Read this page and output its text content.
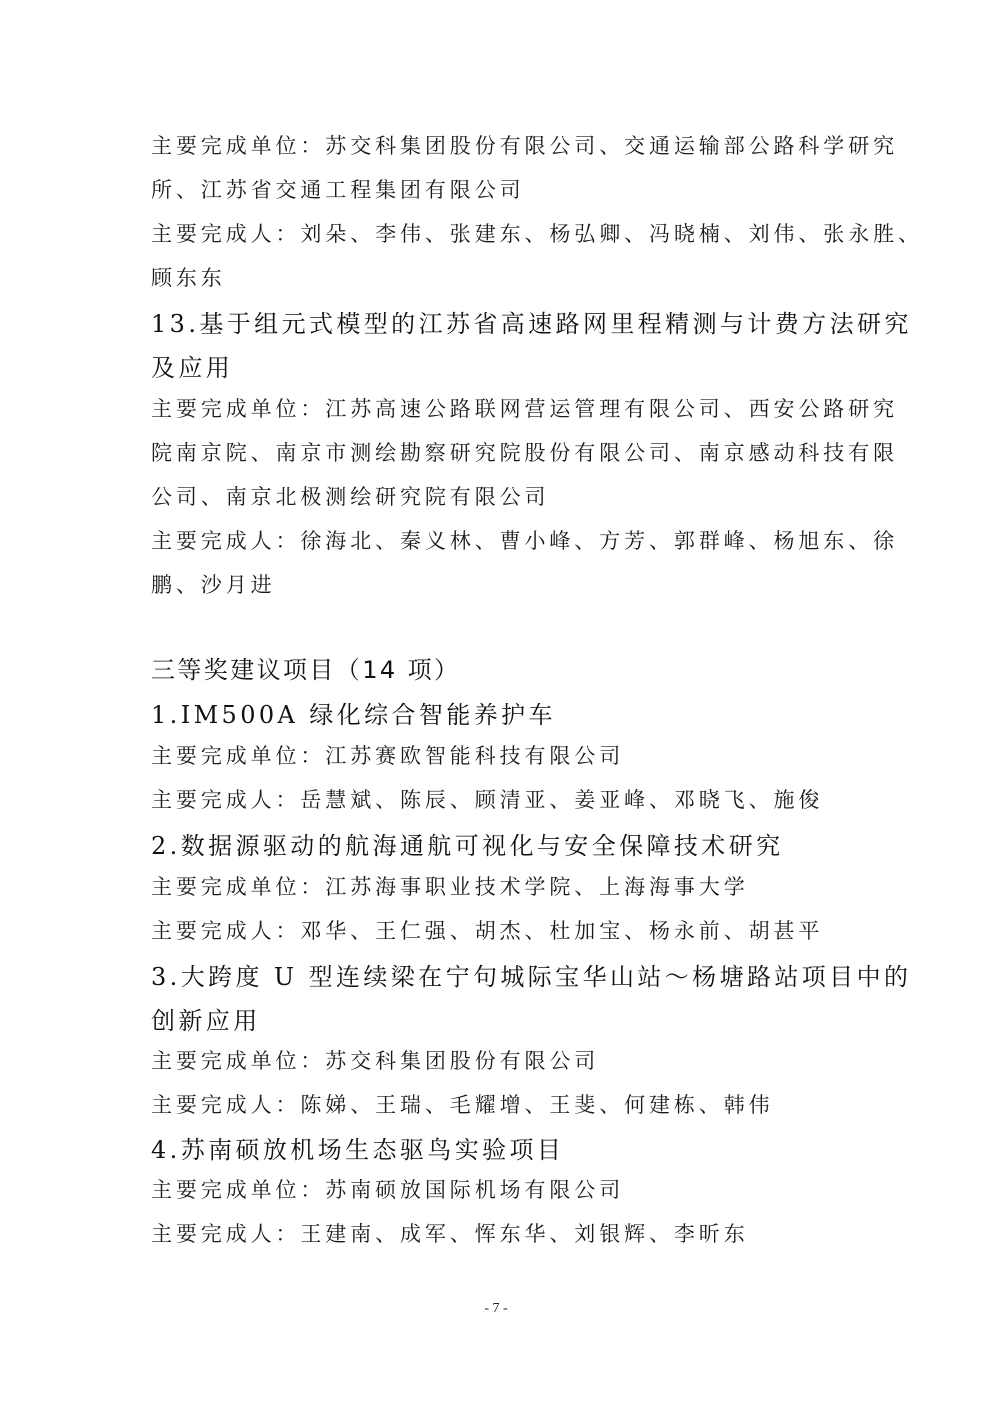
主要完成单位：苏交科集团股份有限公司、交通运输部公路科学研究

所、江苏省交通工程集团有限公司

主要完成人：刘朵、李伟、张建东、杨弘卿、冯晓楠、刘伟、张永胜、

顾东东

13.基于组元式模型的江苏省高速路网里程精测与计费方法研究

及应用

主要完成单位：江苏高速公路联网营运管理有限公司、西安公路研究

院南京院、南京市测绘勘察研究院股份有限公司、南京感动科技有限

公司、南京北极测绘研究院有限公司

主要完成人：徐海北、秦义林、曹小峰、方芳、郭群峰、杨旭东、徐

鹏、沙月进

三等奖建议项目（14 项）

1.IM500A 绿化综合智能养护车

主要完成单位：江苏赛欧智能科技有限公司

主要完成人：岳慧斌、陈辰、顾清亚、姜亚峰、邓晓飞、施俊

2.数据源驱动的航海通航可视化与安全保障技术研究

主要完成单位：江苏海事职业技术学院、上海海事大学

主要完成人：邓华、王仁强、胡杰、杜加宝、杨永前、胡甚平

3.大跨度 U 型连续梁在宁句城际宝华山站～杨塘路站项目中的

创新应用

主要完成单位：苏交科集团股份有限公司

主要完成人：陈娣、王瑞、毛耀增、王斐、何建栋、韩伟

4.苏南硕放机场生态驱鸟实验项目

主要完成单位：苏南硕放国际机场有限公司

主要完成人：王建南、成军、恽东华、刘银辉、李昕东

- 7 -
